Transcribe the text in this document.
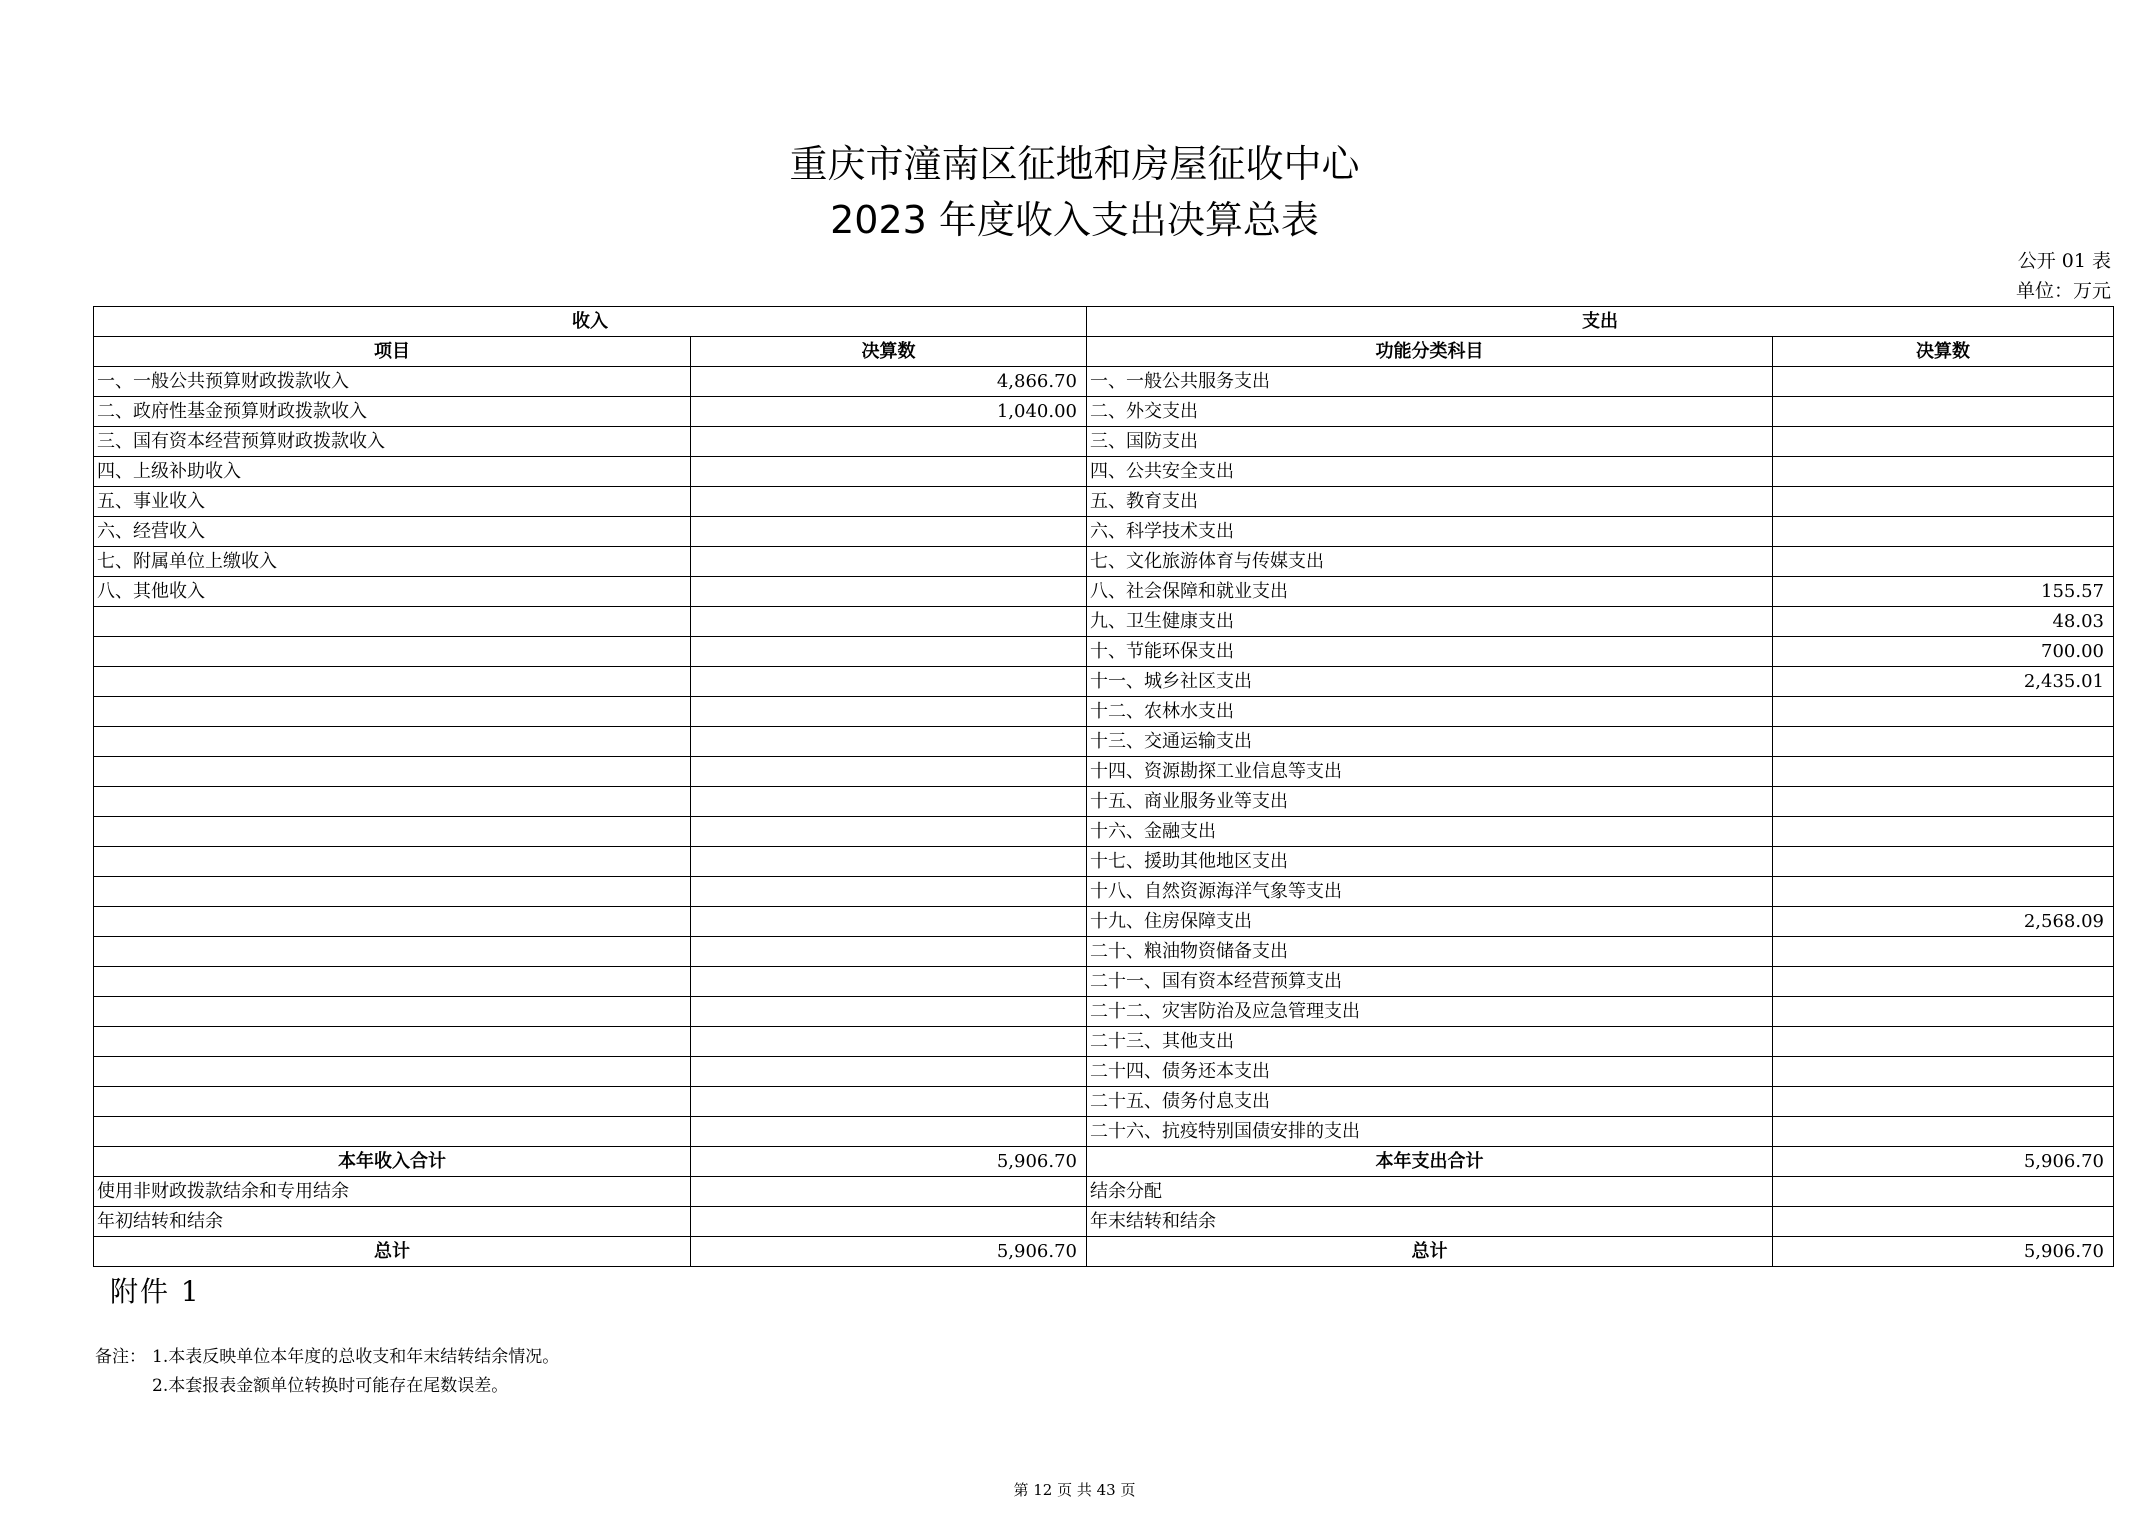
重庆市潼南区征地和房屋征收中心
2023 年度收入支出决算总表
公开 01 表
单位：万元
收入		支出	
项目	决算数	功能分类科目	决算数
一、一般公共预算财政拨款收入	4,866.70	一、一般公共服务支出	
二、政府性基金预算财政拨款收入	1,040.00	二、外交支出	
三、国有资本经营预算财政拨款收入		三、国防支出	
四、上级补助收入		四、公共安全支出	
五、事业收入		五、教育支出	
六、经营收入		六、科学技术支出	
七、附属单位上缴收入		七、文化旅游体育与传媒支出	
八、其他收入		八、社会保障和就业支出	155.57
		九、卫生健康支出	48.03
		十、节能环保支出	700.00
		十一、城乡社区支出	2,435.01
		十二、农林水支出	
		十三、交通运输支出	
		十四、资源勘探工业信息等支出	
		十五、商业服务业等支出	
		十六、金融支出	
		十七、援助其他地区支出	
		十八、自然资源海洋气象等支出	
		十九、住房保障支出	2,568.09
		二十、粮油物资储备支出	
		二十一、国有资本经营预算支出	
		二十二、灾害防治及应急管理支出	
		二十三、其他支出	
		二十四、债务还本支出	
		二十五、债务付息支出	
		二十六、抗疫特别国债安排的支出	
本年收入合计	5,906.70	本年支出合计	5,906.70
使用非财政拨款结余和专用结余		结余分配	
年初结转和结余		年末结转和结余	
总计	5,906.70	总计	5,906.70
附件 1
备注： 1.本表反映单位本年度的总收支和年末结转结余情况。
2.本套报表金额单位转换时可能存在尾数误差。
第 12 页 共 43 页
